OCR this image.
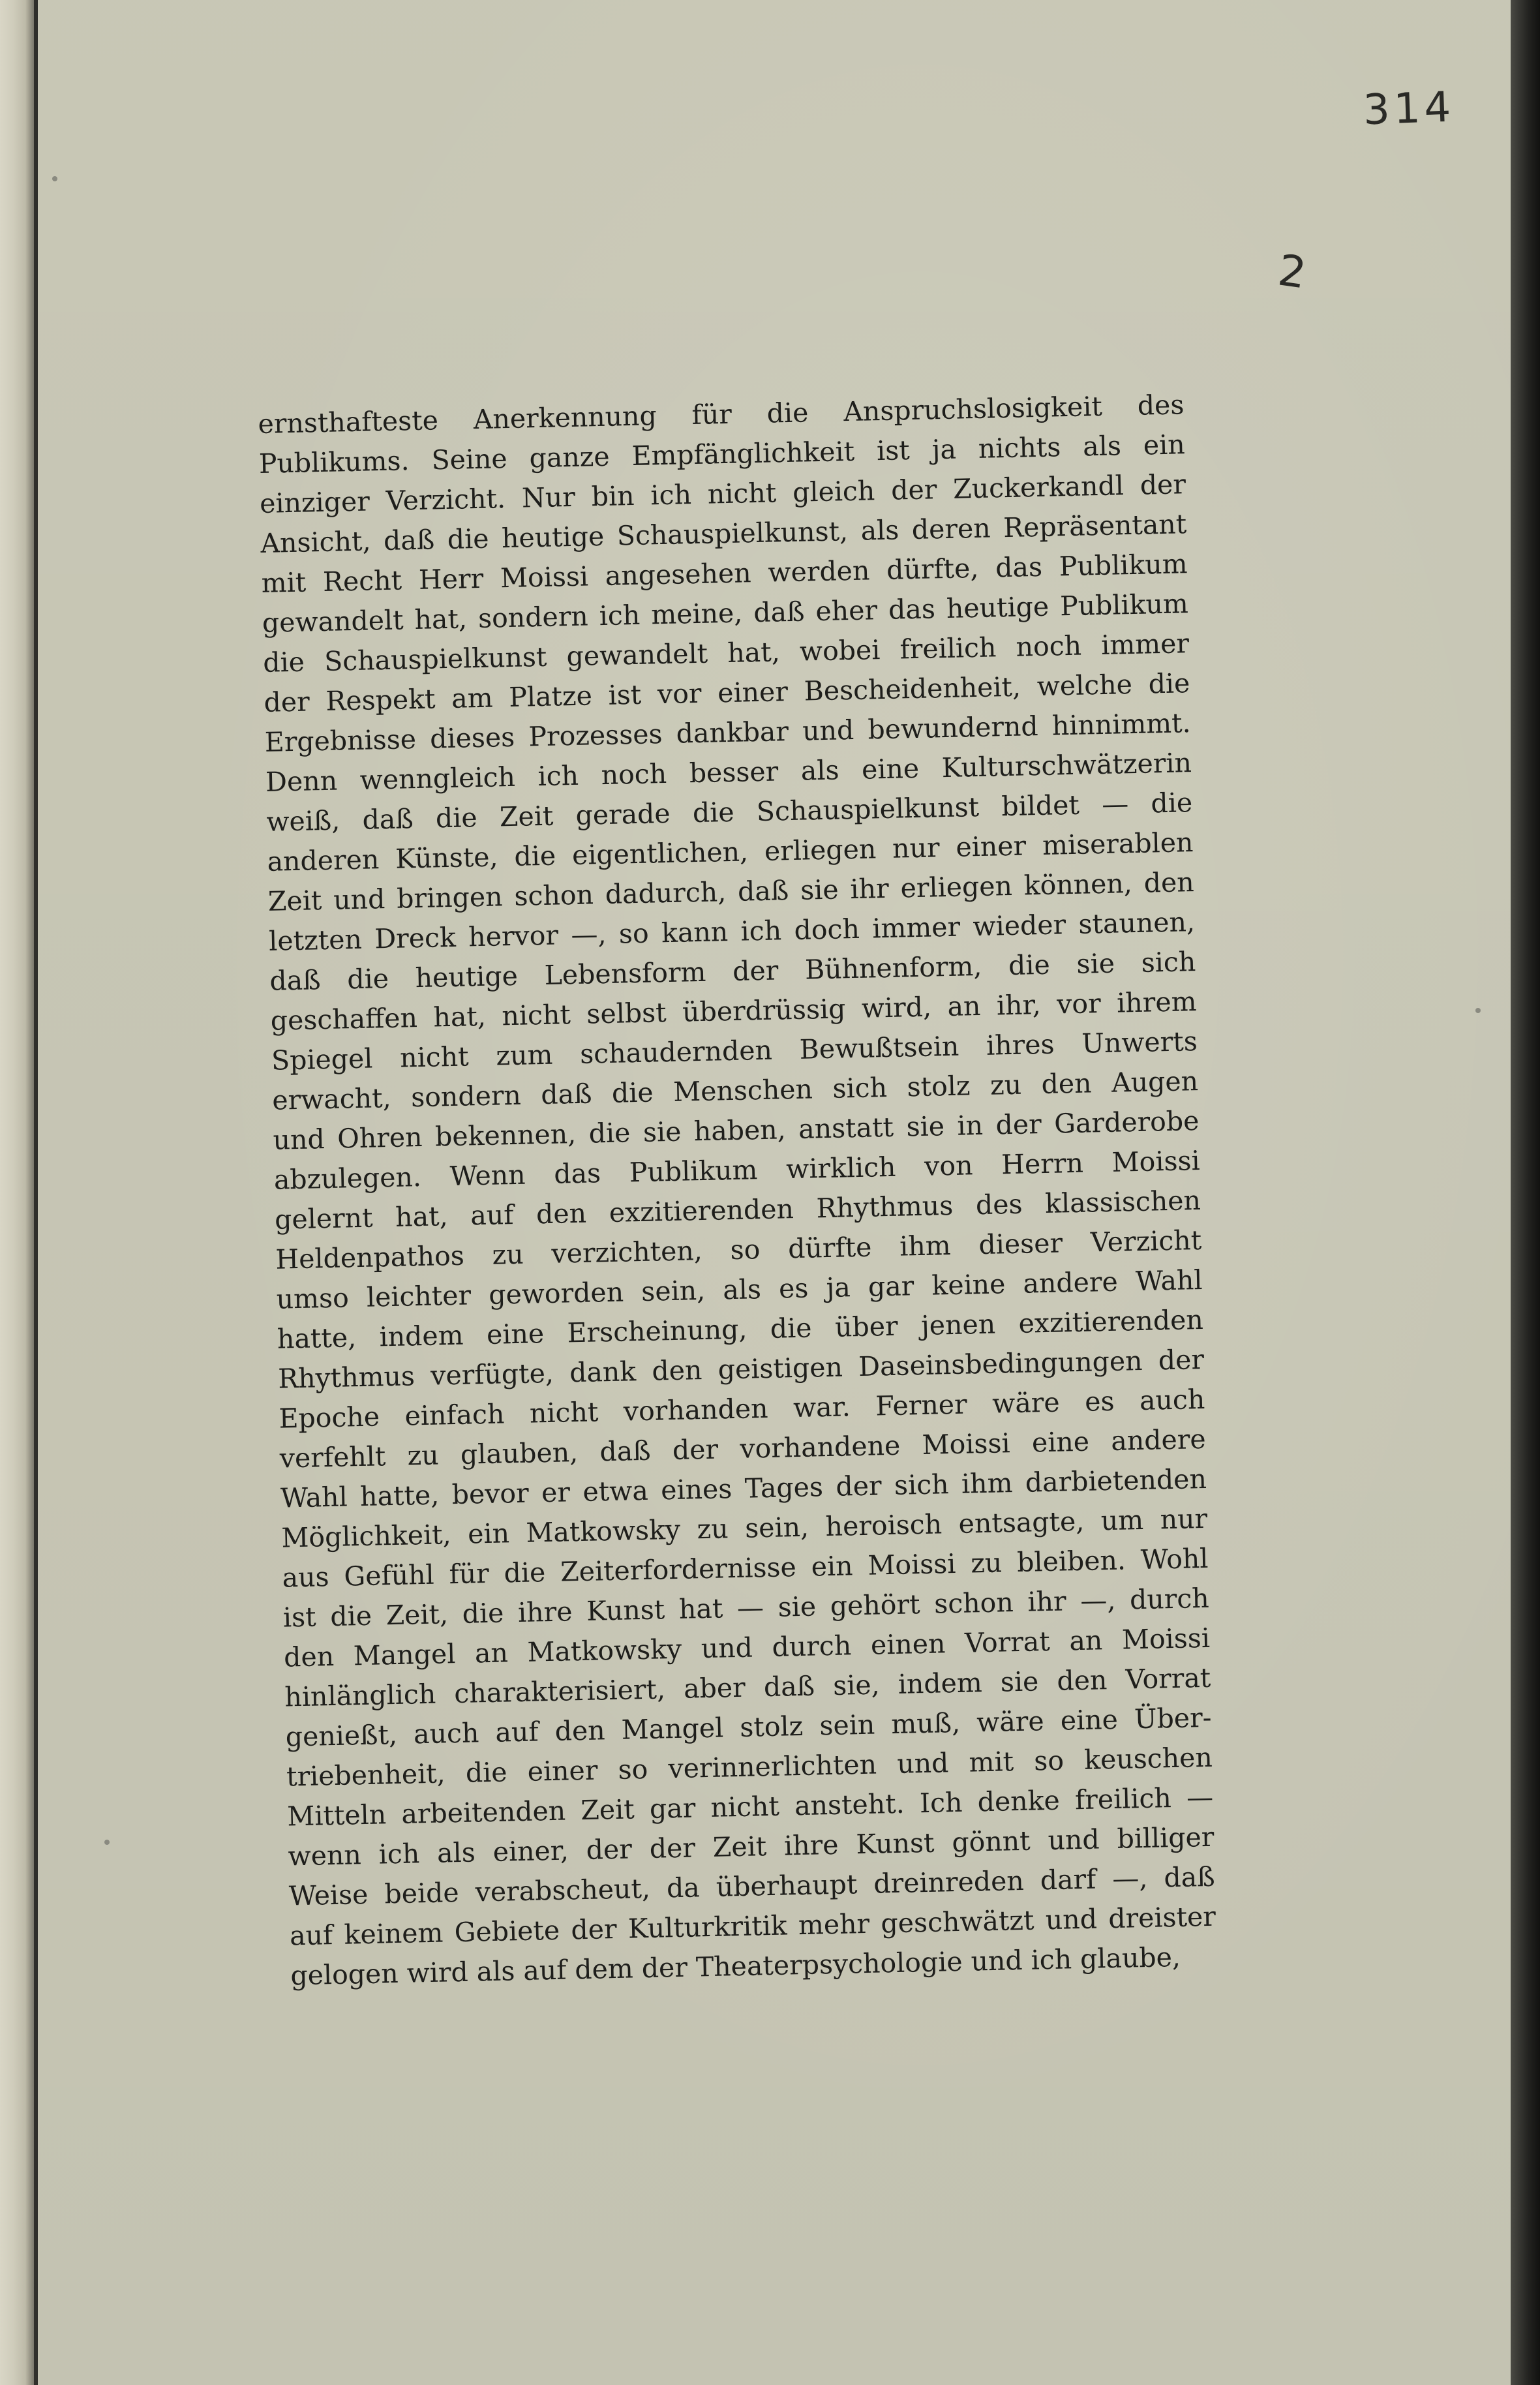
314
2
ernsthafteste Anerkennung für die Anspruchslosigkeit des
Publikums. Seine ganze Empfänglichkeit ist ja nichts als ein
einziger Verzicht. Nur bin ich nicht gleich der Zuckerkandl der
Ansicht, daß die heutige Schauspielkunst, als deren Repräsentant
mit Recht Herr Moissi angesehen werden dürfte, das Publikum
gewandelt hat, sondern ich meine, daß eher das heutige Publikum
die Schauspielkunst gewandelt hat, wobei freilich noch immer
der Respekt am Platze ist vor einer Bescheidenheit, welche die
Ergebnisse dieses Prozesses dankbar und bewundernd hinnimmt.
Denn wenngleich ich noch besser als eine Kulturschwätzerin
weiß, daß die Zeit gerade die Schauspielkunst bildet — die
anderen Künste, die eigentlichen, erliegen nur einer miserablen
Zeit und bringen schon dadurch, daß sie ihr erliegen können, den
letzten Dreck hervor —, so kann ich doch immer wieder staunen,
daß die heutige Lebensform der Bühnenform, die sie sich
geschaffen hat, nicht selbst überdrüssig wird, an ihr, vor ihrem
Spiegel nicht zum schaudernden Bewußtsein ihres Unwerts
erwacht, sondern daß die Menschen sich stolz zu den Augen
und Ohren bekennen, die sie haben, anstatt sie in der Garderobe
abzulegen. Wenn das Publikum wirklich von Herrn Moissi
gelernt hat, auf den exzitierenden Rhythmus des klassischen
Heldenpathos zu verzichten, so dürfte ihm dieser Verzicht
umso leichter geworden sein, als es ja gar keine andere Wahl
hatte, indem eine Erscheinung, die über jenen exzitierenden
Rhythmus verfügte, dank den geistigen Daseinsbedingungen der
Epoche einfach nicht vorhanden war. Ferner wäre es auch
verfehlt zu glauben, daß der vorhandene Moissi eine andere
Wahl hatte, bevor er etwa eines Tages der sich ihm darbietenden
Möglichkeit, ein Matkowsky zu sein, heroisch entsagte, um nur
aus Gefühl für die Zeiterfordernisse ein Moissi zu bleiben. Wohl
ist die Zeit, die ihre Kunst hat — sie gehört schon ihr —, durch
den Mangel an Matkowsky und durch einen Vorrat an Moissi
hinlänglich charakterisiert, aber daß sie, indem sie den Vorrat
genießt, auch auf den Mangel stolz sein muß, wäre eine Über-
triebenheit, die einer so verinnerlichten und mit so keuschen
Mitteln arbeitenden Zeit gar nicht ansteht. Ich denke freilich —
wenn ich als einer, der der Zeit ihre Kunst gönnt und billiger
Weise beide verabscheut, da überhaupt dreinreden darf —, daß
auf keinem Gebiete der Kulturkritik mehr geschwätzt und dreister
gelogen wird als auf dem der Theaterpsychologie und ich glaube,
